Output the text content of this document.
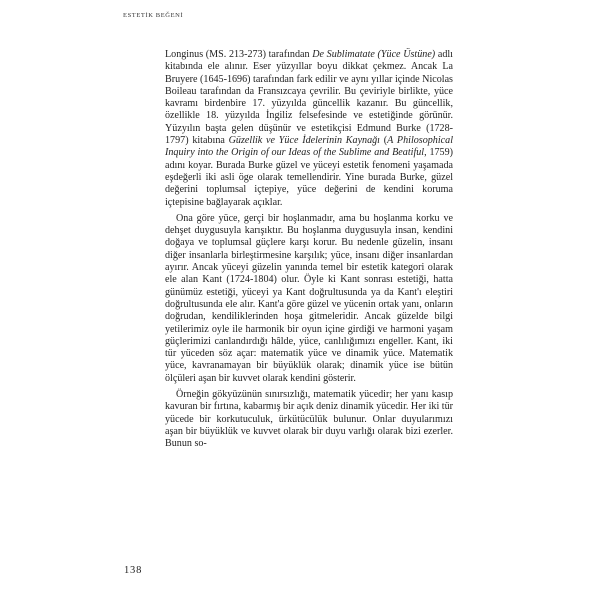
ESTETİK BEĞENİ

Longinus (MS. 213-273) tarafından De Sublimatate (Yüce Üstüne) adlı kitabında ele alınır. Eser yüzyıllar boyu dikkat çekmez. Ancak La Bruyere (1645-1696) tarafından fark edilir ve aynı yıllar içinde Nicolas Boileau tarafından da Fransızcaya çevrilir. Bu çeviriyle birlikte, yüce kavramı birdenbire 17. yüzyılda güncellik kazanır. Bu güncellik, özellikle 18. yüzyılda İngiliz felsefesinde ve estetiğinde görünür. Yüzyılın başta gelen düşünür ve estetikçisi Edmund Burke (1728-1797) kitabına Güzellik ve Yüce İdelerinin Kaynağı (A Philosophical Inquiry into the Origin of our Ideas of the Sublime and Beatiful, 1759) adını koyar. Burada Burke güzel ve yüceyi estetik fenomeni yaşamada eşdeğerli iki asli öge olarak temellendirir. Yine burada Burke, güzel değerini toplumsal içtepiye, yüce değerini de kendini koruma içtepisine bağlayarak açıklar.

Ona göre yüce, gerçi bir hoşlanmadır, ama bu hoşlanma korku ve dehşet duygusuyla karışıktır. Bu hoşlanma duygusuyla insan, kendini doğaya ve toplumsal güçlere karşı korur. Bu nedenle güzelin, insanı diğer insanlarla birleştirmesine karşılık; yüce, insanı diğer insanlardan ayırır. Ancak yüceyi güzelin yanında temel bir estetik kategori olarak ele alan Kant (1724-1804) olur. Öyle ki Kant sonrası estetiği, hatta günümüz estetiği, yüceyi ya Kant doğrultusunda ya da Kant'ı eleştiri doğrultusunda ele alır. Kant'a göre güzel ve yücenin ortak yanı, onların doğrudan, kendiliklerinden hoşa gitmeleridir. Ancak güzelde bilgi yetilerimiz oyle ile harmonik bir oyun içine girdiği ve harmoni yaşam güçlerimizi canlandırdığı hâlde, yüce, canlılığımızı engeller. Kant, iki tür yüceden söz açar: matematik yüce ve dinamik yüce. Matematik yüce, kavranamayan bir büyüklük olarak; dinamik yüce ise bütün ölçüleri aşan bir kuvvet olarak kendini gösterir.

Örneğin gökyüzünün sınırsızlığı, matematik yücedir; her yanı kasıp kavuran bir fırtına, kabarmış bir açık deniz dinamik yücedir. Her iki tür yücede bir korkutuculuk, ürkütücülük bulunur. Onlar duyularımızı aşan bir büyüklük ve kuvvet olarak bir duyu varlığı olarak bizi ezerler. Bunun so-

138
